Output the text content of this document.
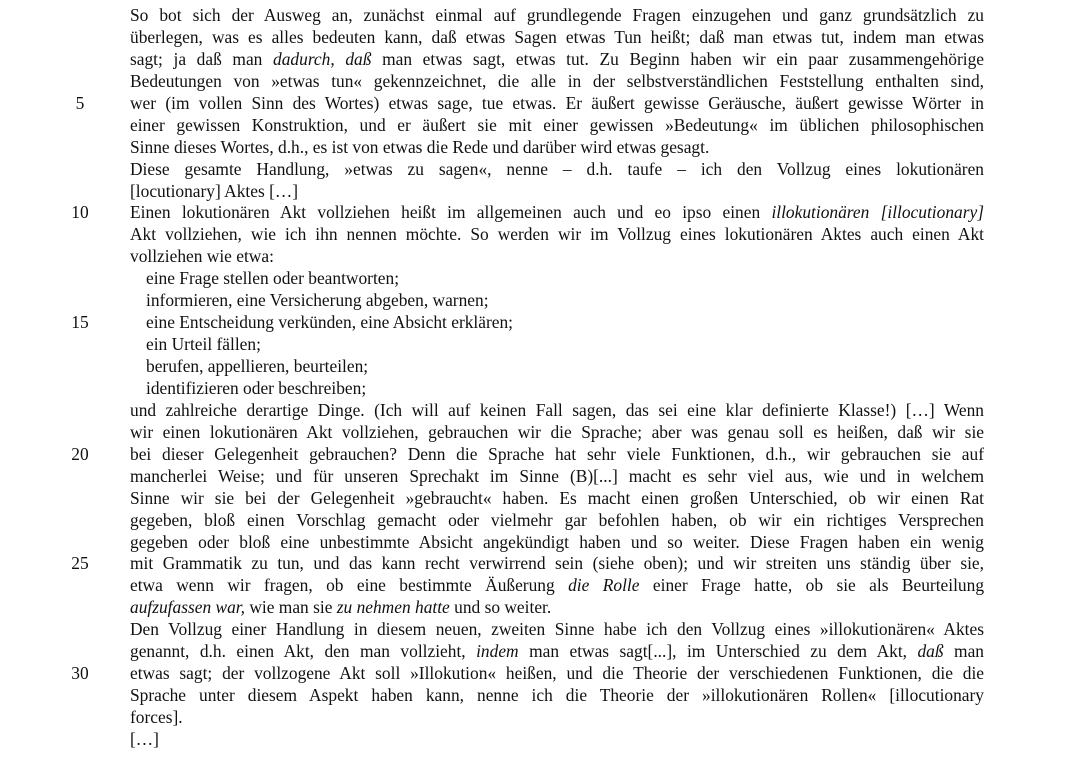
So bot sich der Ausweg an, zunächst einmal auf grundlegende Fragen einzugehen und ganz grundsätzlich zu
überlegen, was es alles bedeuten kann, daß etwas Sagen etwas Tun heißt; daß man etwas tut, indem man etwas
sagt; ja daß man dadurch, daß man etwas sagt, etwas tut. Zu Beginn haben wir ein paar zusammengehörige
Bedeutungen von »etwas tun« gekennzeichnet, die alle in der selbstverständlichen Feststellung enthalten sind,
5	wer (im vollen Sinn des Wortes) etwas sage, tue etwas. Er äußert gewisse Geräusche, äußert gewisse Wörter in
einer gewissen Konstruktion, und er äußert sie mit einer gewissen »Bedeutung« im üblichen philosophischen
Sinne dieses Wortes, d.h., es ist von etwas die Rede und darüber wird etwas gesagt.
Diese gesamte Handlung, »etwas zu sagen«, nenne – d.h. taufe – ich den Vollzug eines lokutionären
[locutionary] Aktes […]
10	Einen lokutionären Akt vollziehen heißt im allgemeinen auch und eo ipso einen illokutionären [illocutionary]
Akt vollziehen, wie ich ihn nennen möchte. So werden wir im Vollzug eines lokutionären Aktes auch einen Akt
vollziehen wie etwa:
eine Frage stellen oder beantworten;
informieren, eine Versicherung abgeben, warnen;
15	eine Entscheidung verkünden, eine Absicht erklären;
ein Urteil fällen;
berufen, appellieren, beurteilen;
identifizieren oder beschreiben;
und zahlreiche derartige Dinge. (Ich will auf keinen Fall sagen, das sei eine klar definierte Klasse!) […] Wenn
wir einen lokutionären Akt vollziehen, gebrauchen wir die Sprache; aber was genau soll es heißen, daß wir sie
20	bei dieser Gelegenheit gebrauchen? Denn die Sprache hat sehr viele Funktionen, d.h., wir gebrauchen sie auf
mancherlei Weise; und für unseren Sprechakt im Sinne (B)[...] macht es sehr viel aus, wie und in welchem
Sinne wir sie bei der Gelegenheit »gebraucht« haben. Es macht einen großen Unterschied, ob wir einen Rat
gegeben, bloß einen Vorschlag gemacht oder vielmehr gar befohlen haben, ob wir ein richtiges Versprechen
gegeben oder bloß eine unbestimmte Absicht angekündigt haben und so weiter. Diese Fragen haben ein wenig
25	mit Grammatik zu tun, und das kann recht verwirrend sein (siehe oben); und wir streiten uns ständig über sie,
etwa wenn wir fragen, ob eine bestimmte Äußerung die Rolle einer Frage hatte, ob sie als Beurteilung
aufzufassen war, wie man sie zu nehmen hatte und so weiter.
Den Vollzug einer Handlung in diesem neuen, zweiten Sinne habe ich den Vollzug eines »illokutionären« Aktes
genannt, d.h. einen Akt, den man vollzieht, indem man etwas sagt[...], im Unterschied zu dem Akt, daß man
30	etwas sagt; der vollzogene Akt soll »Illokution« heißen, und die Theorie der verschiedenen Funktionen, die die
Sprache unter diesem Aspekt haben kann, nenne ich die Theorie der »illokutionären Rollen« [illocutionary
forces].
[…]
